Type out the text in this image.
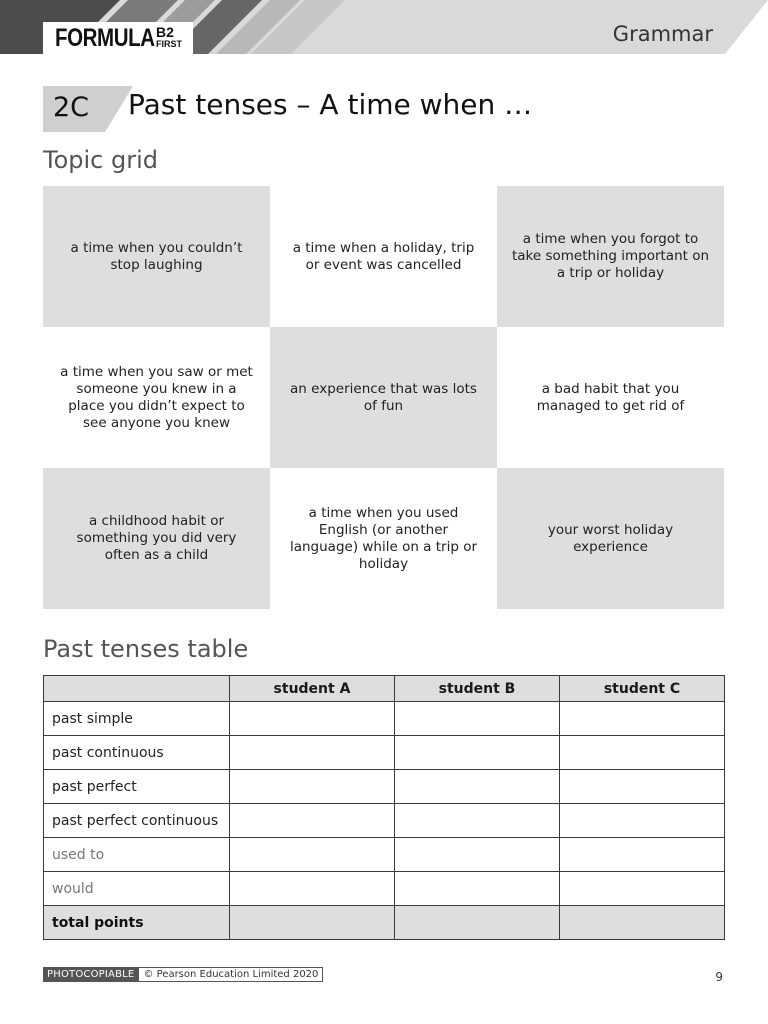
FORMULA B2
FIRST	Grammar
2C Past tenses – A time when …
Topic grid
a time when you couldn’t stop laughing
a time when a holiday, trip or event was cancelled
a time when you forgot to take something important on a trip or holiday
a time when you saw or met someone you knew in a place you didn’t expect to see anyone you knew
an experience that was lots of fun
a bad habit that you managed to get rid of
a childhood habit or something you did very often as a child
a time when you used English (or another language) while on a trip or holiday
your worst holiday experience
Past tenses table
	student A	student B	student C
past simple			
past continuous			
past perfect			
past perfect continuous			
used to			
would			
total points			
PHOTOCOPIABLE © Pearson Education Limited 2020	9
